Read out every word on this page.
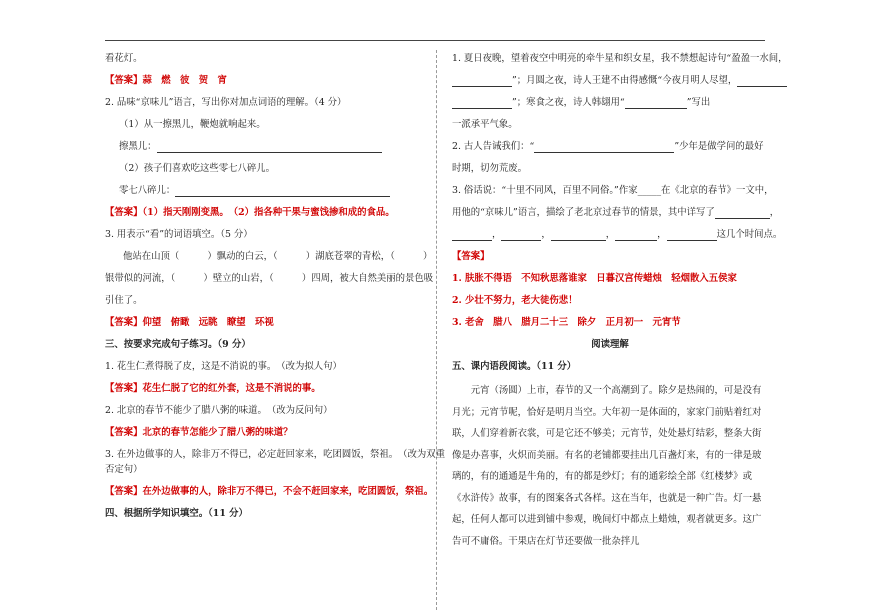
看花灯。

【答案】蒜　燃　彼　贺　宵

2. 品味“京味儿”语言，写出你对加点词语的理解。（4 分）

（1）从一擦黑儿，鞭炮就响起来。

擦黑儿：

（2）孩子们喜欢吃这些零七八碎儿。

零七八碎儿：

【答案】（1）指天刚刚变黑。　（2）指各种干果与蜜饯掺和成的食品。

3. 用表示“看”的词语填空。（5 分）

他站在山顶（　　　）飘动的白云，（　　　）湖底苍翠的青松，（　　　）

银带似的河流，（　　　）壁立的山岩，（　　　）四周，被大自然美丽的景色吸

引住了。

【答案】仰望　俯瞰　远眺　瞭望　环视

三、按要求完成句子练习。（9 分）

1. 花生仁煮得脱了皮，这是不消说的事。　（改为拟人句）

【答案】花生仁脱了它的红外套，这是不消说的事。

2. 北京的春节不能少了腊八粥的味道。　（改为反问句）

【答案】北京的春节怎能少了腊八粥的味道？

3. 在外边做事的人，除非万不得已，必定赶回家来，吃团圆饭，祭祖。　（改为双重

否定句）

【答案】在外边做事的人，除非万不得已，不会不赶回家来，吃团圆饭，祭祖。

四、根据所学知识填空。（11 分）

1. 夏日夜晚，望着夜空中明亮的牵牛星和织女星，我不禁想起诗句“盈盈一水间，

”；月圆之夜，诗人王建不由得感慨“今夜月明人尽望，

”；寒食之夜，诗人韩翃用“	”写出

一派承平气象。

2. 古人告诫我们：“	”少年是做学问的最好

时期，切勿荒废。

3. 俗话说：“十里不同风，百里不同俗。”作家_____在《北京的春节》一文中，

用他的“京味儿”语言，描绘了老北京过春节的情景，其中详写了	，

，	，	，	，	这几个时间点。

【答案】

1. 肤胀不得语　不知秋思落谁家　日暮汉宫传蜡烛　轻烟散入五侯家

2. 少壮不努力，老大徒伤悲！

3. 老舍　腊八　腊月二十三　除夕　正月初一　元宵节

阅读理解

五、课内语段阅读。（11 分）

元宵（汤圆）上市，春节的又一个高潮到了。除夕是热闹的，可是没有月光；元宵节呢，恰好是明月当空。大年初一是体面的，家家门前贴着红对联，人们穿着新衣裳，可是它还不够美；元宵节，处处悬灯结彩，整条大街像是办喜事，火炽而美丽。有名的老铺都要挂出几百盏灯来，有的一律是玻璃的，有的通通是牛角的，有的都是纱灯；有的通彩绘全部《红楼梦》或《水浒传》故事，有的图案各式各样。这在当年，也就是一种广告。灯一悬起，任何人都可以进到铺中参观，晚间灯中都点上蜡烛，观者就更多。这广告可不庸俗。干果店在灯节还要做一批杂拌儿
